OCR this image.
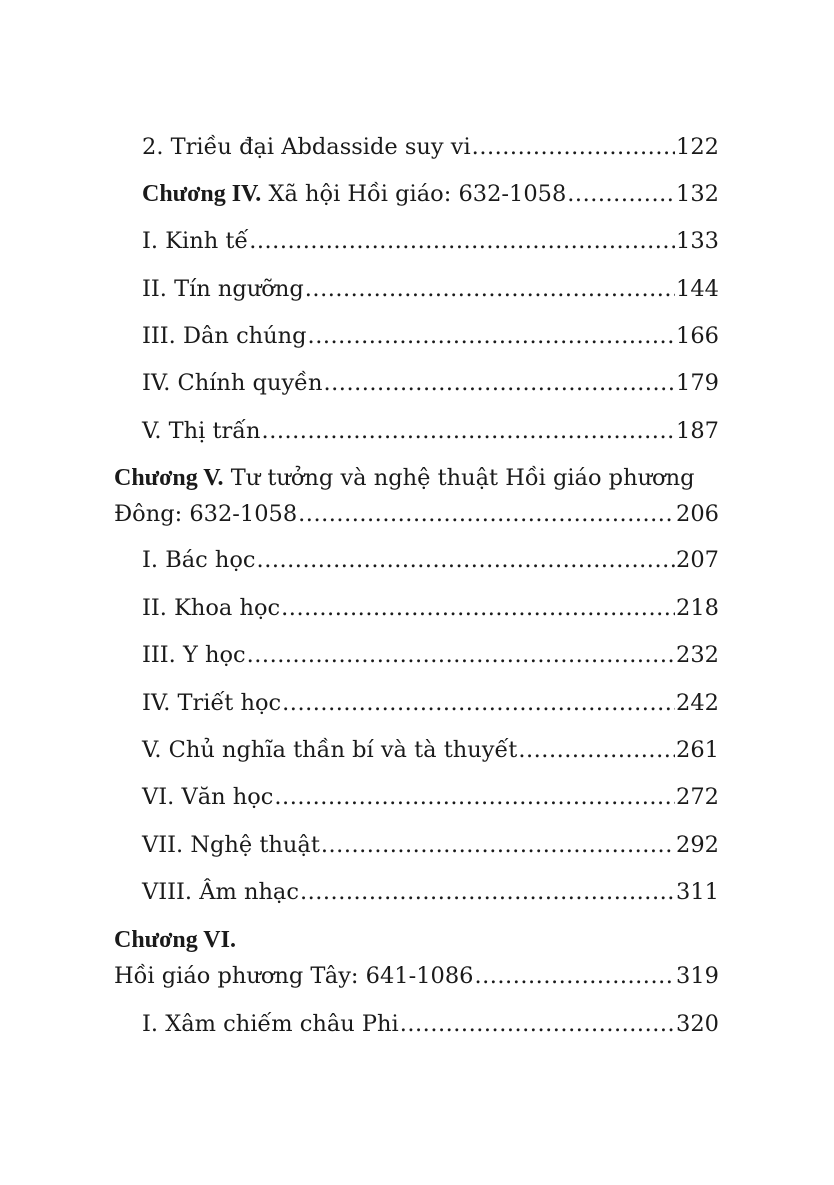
2. Triều đại Abdasside suy vi .....	122
Chương IV. Xã hội Hồi giáo: 632-1058 .....	132
I. Kinh tế .....	133
II. Tín ngưỡng .....	144
III. Dân chúng .....	166
IV. Chính quyền .....	179
V. Thị trấn .....	187
Chương V. Tư tưởng và nghệ thuật Hồi giáo phương
Đông: 632-1058 .....	206
I. Bác học .....	207
II. Khoa học .....	218
III. Y học .....	232
IV. Triết học .....	242
V. Chủ nghĩa thần bí và tà thuyết .....	261
VI. Văn học .....	272
VII. Nghệ thuật .....	292
VIII. Âm nhạc .....	311
Chương VI.
Hồi giáo phương Tây: 641-1086 .....	319
I. Xâm chiếm châu Phi .....	320
